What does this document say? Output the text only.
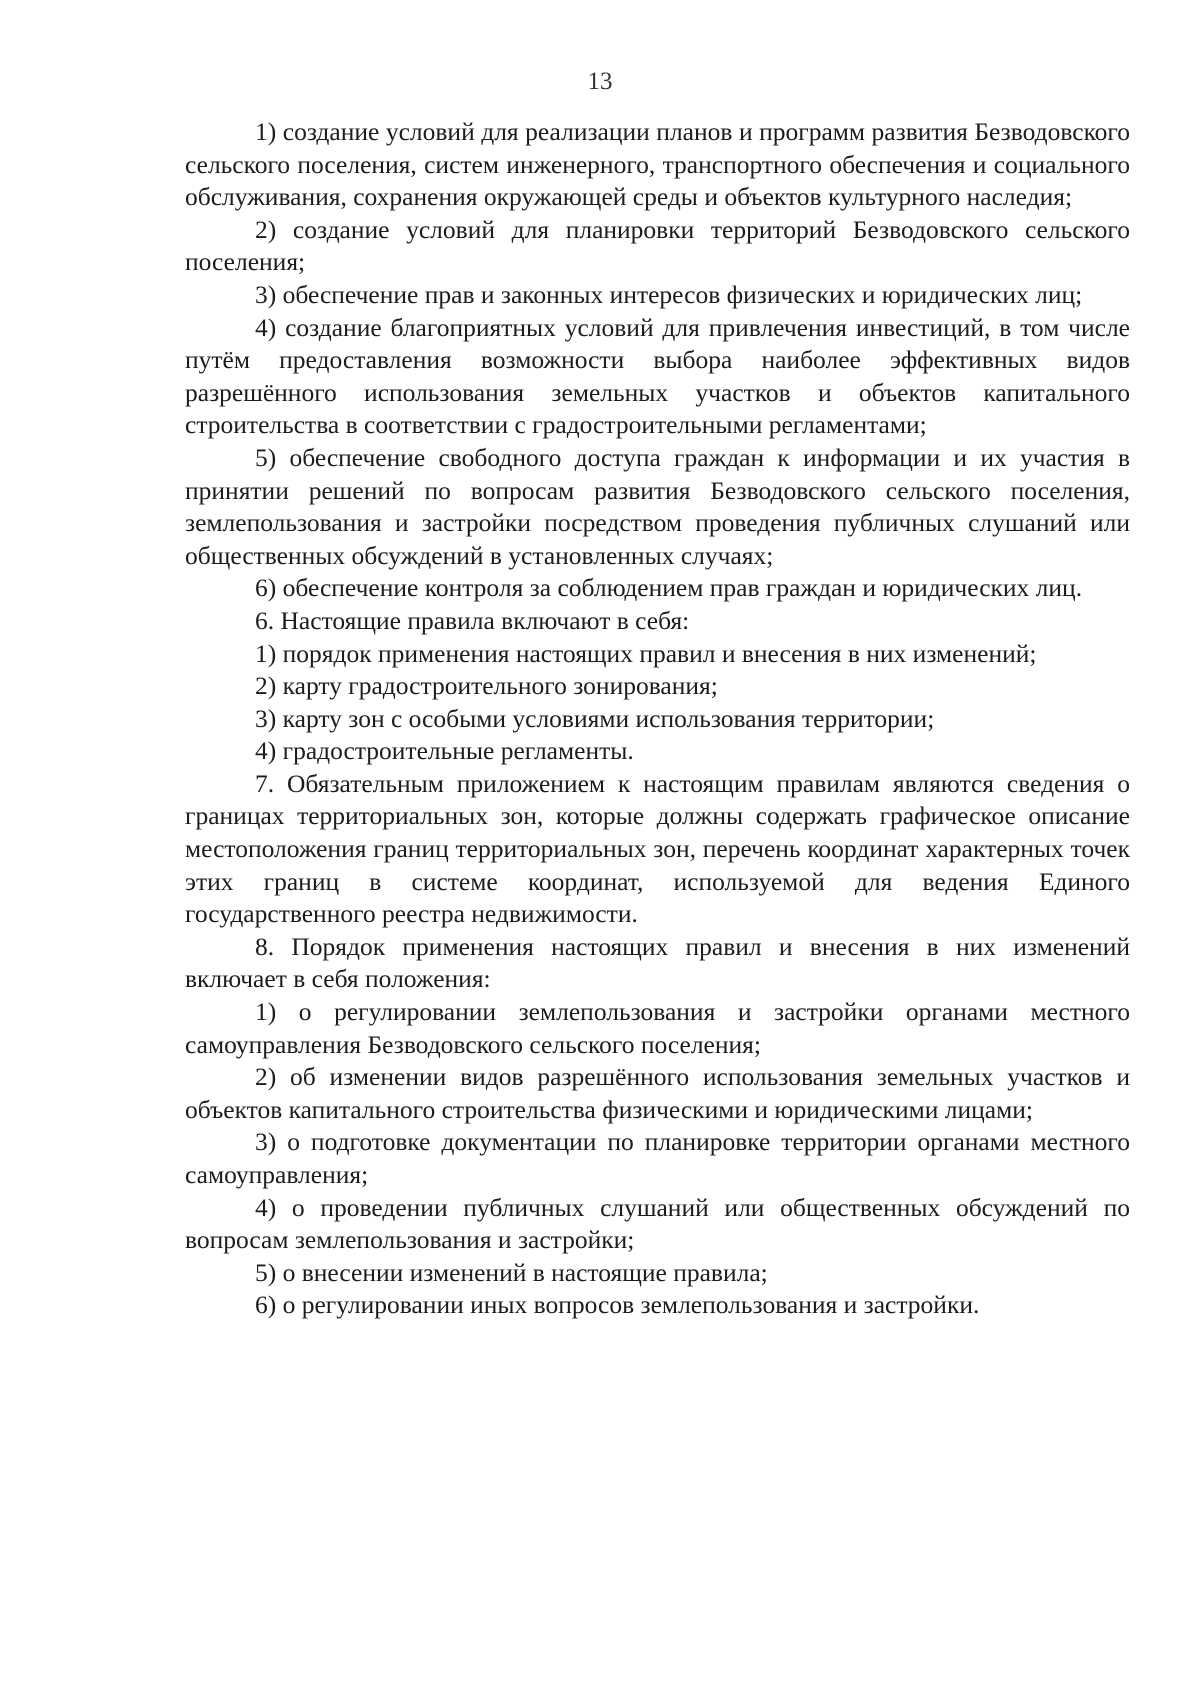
13

1) создание условий для реализации планов и программ развития Безводовского сельского поселения, систем инженерного, транспортного обеспечения и социального обслуживания, сохранения окружающей среды и объектов культурного наследия;

2) создание условий для планировки территорий Безводовского сельского поселения;

3) обеспечение прав и законных интересов физических и юридических лиц;

4) создание благоприятных условий для привлечения инвестиций, в том числе путём предоставления возможности выбора наиболее эффективных видов разрешённого использования земельных участков и объектов капитального строительства в соответствии с градостроительными регламентами;

5) обеспечение свободного доступа граждан к информации и их участия в принятии решений по вопросам развития Безводовского сельского поселения, землепользования и застройки посредством проведения публичных слушаний или общественных обсуждений в установленных случаях;

6) обеспечение контроля за соблюдением прав граждан и юридических лиц.

6. Настоящие правила включают в себя:

1) порядок применения настоящих правил и внесения в них изменений;

2) карту градостроительного зонирования;

3) карту зон с особыми условиями использования территории;

4) градостроительные регламенты.

7. Обязательным приложением к настоящим правилам являются сведения о границах территориальных зон, которые должны содержать графическое описание местоположения границ территориальных зон, перечень координат характерных точек этих границ в системе координат, используемой для ведения Единого государственного реестра недвижимости.

8. Порядок применения настоящих правил и внесения в них изменений включает в себя положения:

1) о регулировании землепользования и застройки органами местного самоуправления Безводовского сельского поселения;

2) об изменении видов разрешённого использования земельных участков и объектов капитального строительства физическими и юридическими лицами;

3) о подготовке документации по планировке территории органами местного самоуправления;

4) о проведении публичных слушаний или общественных обсуждений по вопросам землепользования и застройки;

5) о внесении изменений в настоящие правила;

6) о регулировании иных вопросов землепользования и застройки.
